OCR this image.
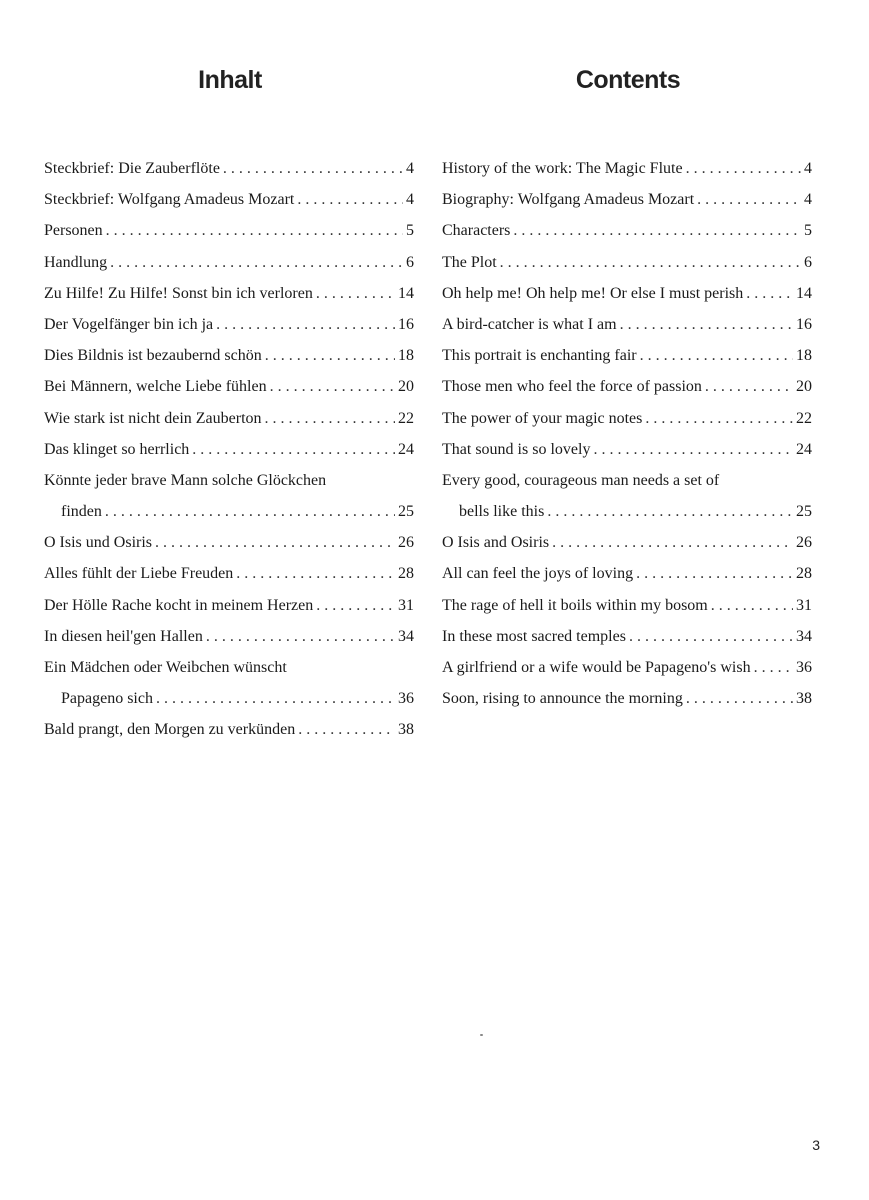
Inhalt
Steckbrief: Die Zauberflöte . . .	4
Steckbrief: Wolfgang Amadeus Mozart . . .	4
Personen . . .	5
Handlung . . .	6
Zu Hilfe! Zu Hilfe! Sonst bin ich verloren . . .	14
Der Vogelfänger bin ich ja . . .	16
Dies Bildnis ist bezaubernd schön . . .	18
Bei Männern, welche Liebe fühlen . . .	20
Wie stark ist nicht dein Zauberton . . .	22
Das klinget so herrlich . . .	24
Könnte jeder brave Mann solche Glöckchen
finden . . .	25
O Isis und Osiris . . .	26
Alles fühlt der Liebe Freuden . . .	28
Der Hölle Rache kocht in meinem Herzen . . .	31
In diesen heil'gen Hallen . . .	34
Ein Mädchen oder Weibchen wünscht
Papageno sich . . .	36
Bald prangt, den Morgen zu verkünden . . .	38
Contents
History of the work: The Magic Flute . . .	4
Biography: Wolfgang Amadeus Mozart . . .	4
Characters . . .	5
The Plot . . .	6
Oh help me! Oh help me! Or else I must perish . . .	14
A bird-catcher is what I am . . .	16
This portrait is enchanting fair . . .	18
Those men who feel the force of passion . . .	20
The power of your magic notes . . .	22
That sound is so lovely . . .	24
Every good, courageous man needs a set of
bells like this . . .	25
O Isis and Osiris . . .	26
All can feel the joys of loving . . .	28
The rage of hell it boils within my bosom . . .	31
In these most sacred temples . . .	34
A girlfriend or a wife would be Papageno's wish . . .	36
Soon, rising to announce the morning . . .	38
3
